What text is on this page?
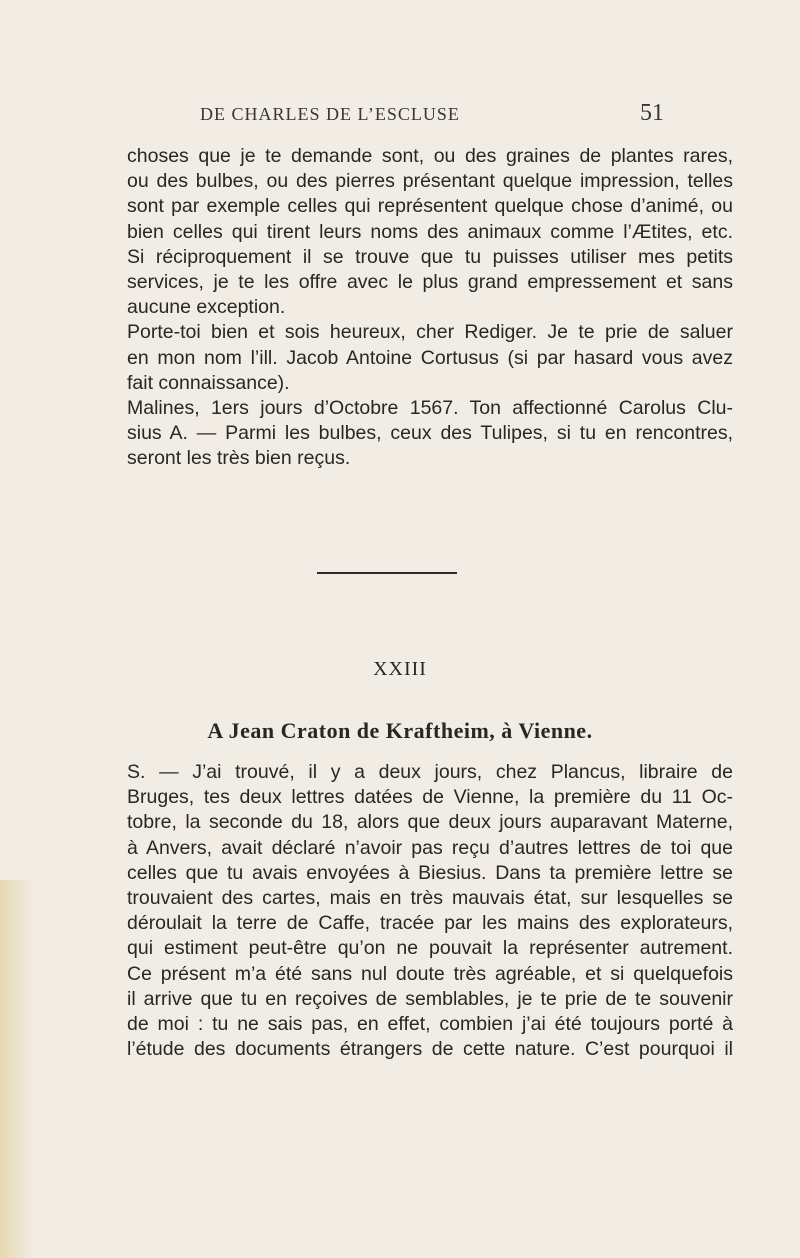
DE CHARLES DE L’ESCLUSE	51

choses que je te demande sont, ou des graines de plantes rares,
ou des bulbes, ou des pierres présentant quelque impression, telles
sont par exemple celles qui représentent quelque chose d’animé, ou
bien celles qui tirent leurs noms des animaux comme l’Ætites, etc.
Si réciproquement il se trouve que tu puisses utiliser mes petits
services, je te les offre avec le plus grand empressement et sans
aucune exception.
Porte-toi bien et sois heureux, cher Rediger. Je te prie de saluer
en mon nom l’ill. Jacob Antoine Cortusus (si par hasard vous avez
fait connaissance).
Malines, 1ers jours d’Octobre 1567. Ton affectionné Carolus Clu-
sius A. — Parmi les bulbes, ceux des Tulipes, si tu en rencontres,
seront les très bien reçus.

XXIII
A Jean Craton de Kraftheim, à Vienne.

S. — J’ai trouvé, il y a deux jours, chez Plancus, libraire de
Bruges, tes deux lettres datées de Vienne, la première du 11 Oc-
tobre, la seconde du 18, alors que deux jours auparavant Materne,
à Anvers, avait déclaré n’avoir pas reçu d’autres lettres de toi que
celles que tu avais envoyées à Biesius. Dans ta première lettre se
trouvaient des cartes, mais en très mauvais état, sur lesquelles se
déroulait la terre de Caffe, tracée par les mains des explorateurs,
qui estiment peut-être qu’on ne pouvait la représenter autrement.
Ce présent m’a été sans nul doute très agréable, et si quelquefois
il arrive que tu en reçoives de semblables, je te prie de te souvenir
de moi : tu ne sais pas, en effet, combien j’ai été toujours porté à
l’étude des documents étrangers de cette nature. C’est pourquoi il
